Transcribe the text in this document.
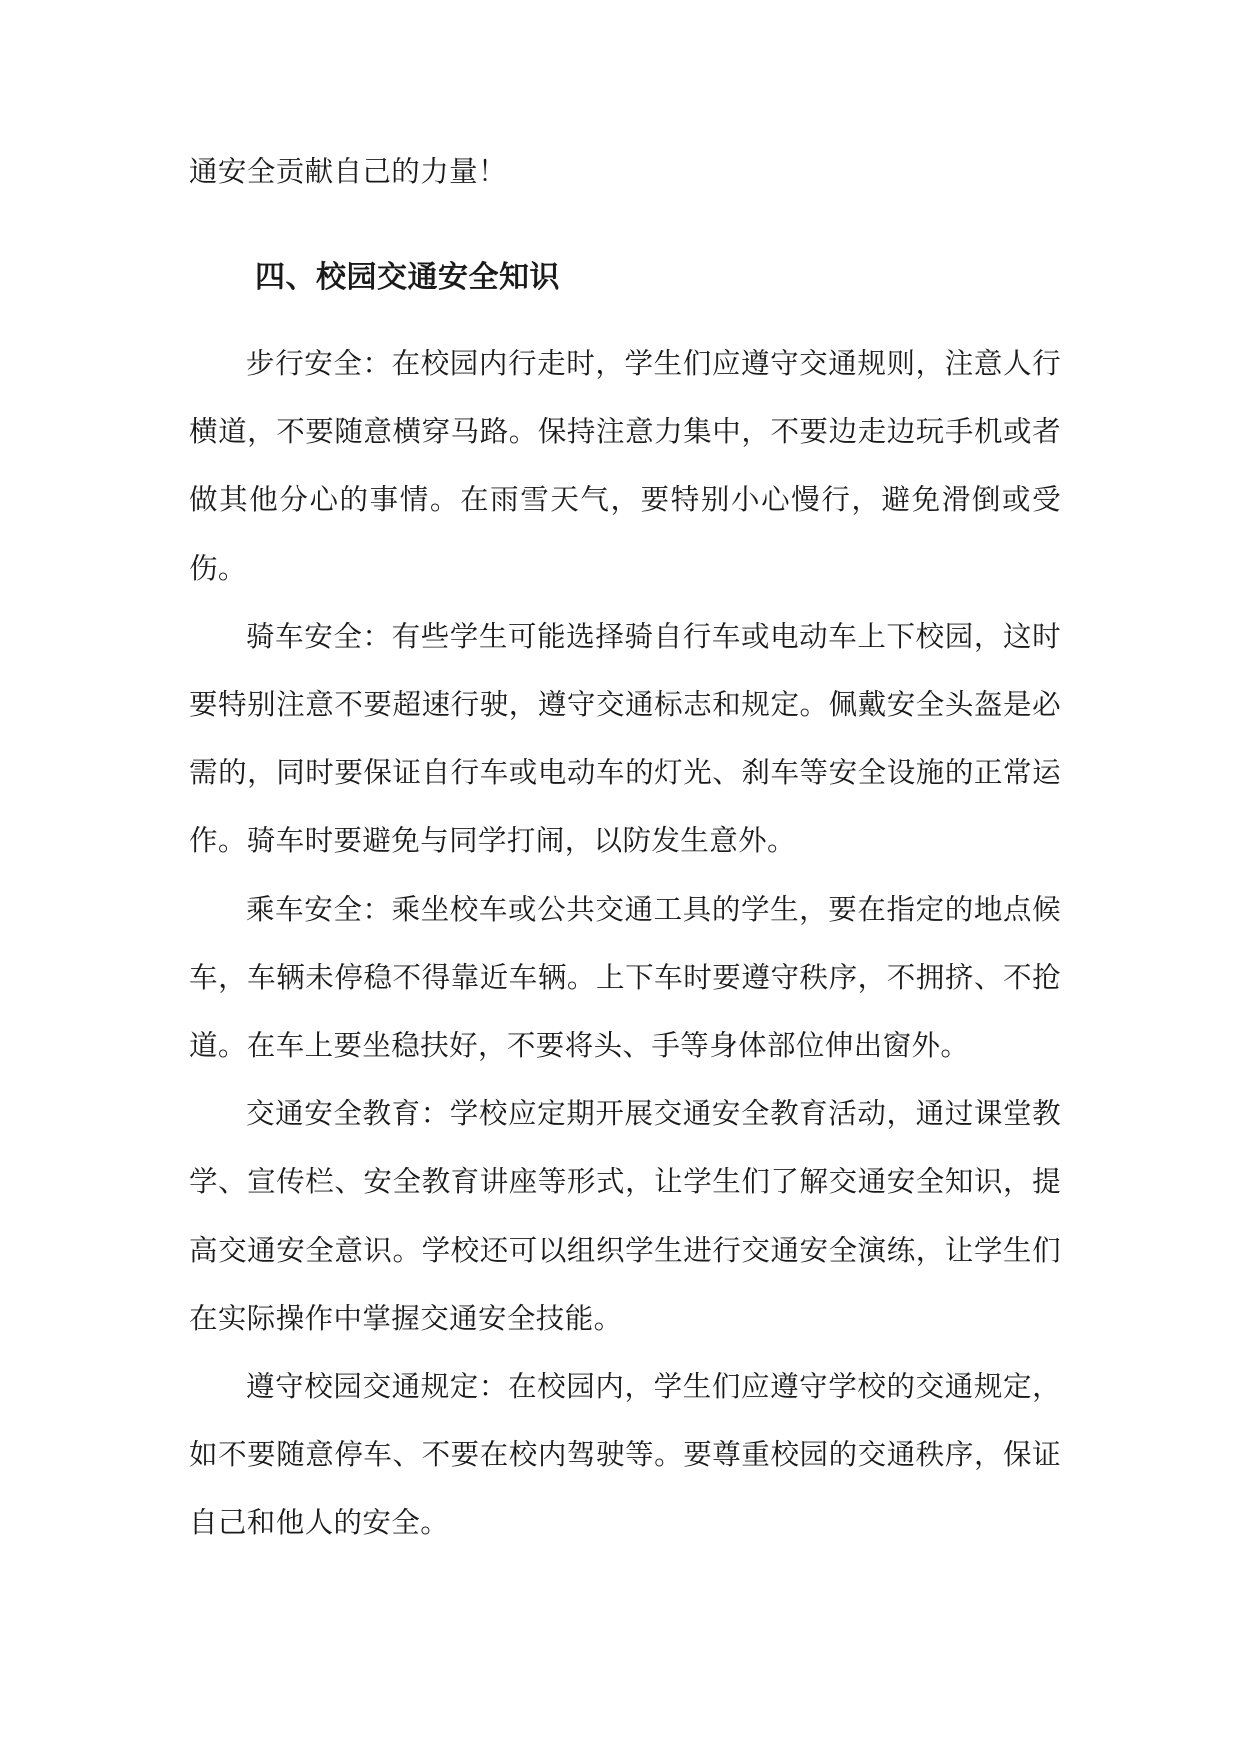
通安全贡献自己的力量！

四、校园交通安全知识

步行安全：在校园内行走时，学生们应遵守交通规则，注意人行横道，不要随意横穿马路。保持注意力集中，不要边走边玩手机或者做其他分心的事情。在雨雪天气，要特别小心慢行，避免滑倒或受伤。

骑车安全：有些学生可能选择骑自行车或电动车上下校园，这时要特别注意不要超速行驶，遵守交通标志和规定。佩戴安全头盔是必需的，同时要保证自行车或电动车的灯光、刹车等安全设施的正常运作。骑车时要避免与同学打闹，以防发生意外。

乘车安全：乘坐校车或公共交通工具的学生，要在指定的地点候车，车辆未停稳不得靠近车辆。上下车时要遵守秩序，不拥挤、不抢道。在车上要坐稳扶好，不要将头、手等身体部位伸出窗外。

交通安全教育：学校应定期开展交通安全教育活动，通过课堂教学、宣传栏、安全教育讲座等形式，让学生们了解交通安全知识，提高交通安全意识。学校还可以组织学生进行交通安全演练，让学生们在实际操作中掌握交通安全技能。

遵守校园交通规定：在校园内，学生们应遵守学校的交通规定，如不要随意停车、不要在校内驾驶等。要尊重校园的交通秩序，保证自己和他人的安全。
